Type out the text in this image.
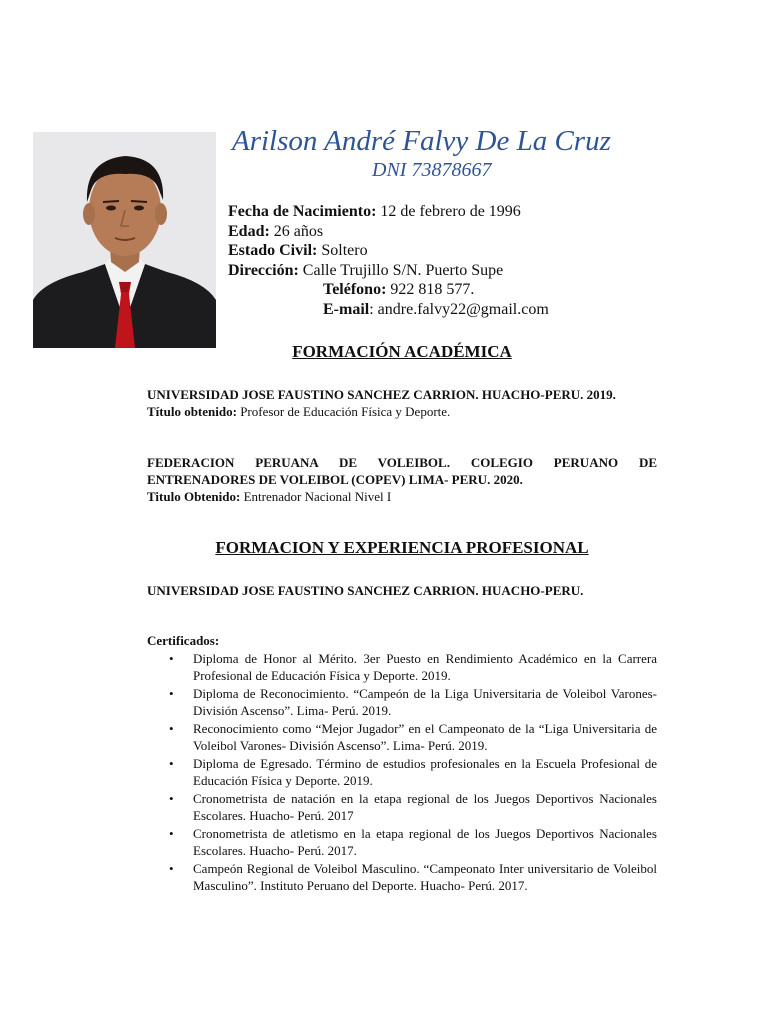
Arilson André Falvy De La Cruz
DNI 73878667
Fecha de Nacimiento: 12 de febrero de 1996
Edad: 26 años
Estado Civil: Soltero
Dirección: Calle Trujillo S/N. Puerto Supe
Teléfono: 922 818 577.
E-mail: andre.falvy22@gmail.com
FORMACIÓN ACADÉMICA
UNIVERSIDAD JOSE FAUSTINO SANCHEZ CARRION. HUACHO-PERU. 2019.
Título obtenido: Profesor de Educación Física y Deporte.
FEDERACION PERUANA DE VOLEIBOL. COLEGIO PERUANO DE ENTRENADORES DE VOLEIBOL (COPEV) LIMA- PERU. 2020.
Titulo Obtenido: Entrenador Nacional Nivel I
FORMACION Y EXPERIENCIA PROFESIONAL
UNIVERSIDAD JOSE FAUSTINO SANCHEZ CARRION. HUACHO-PERU.
Certificados:
• Diploma de Honor al Mérito. 3er Puesto en Rendimiento Académico en la Carrera Profesional de Educación Física y Deporte. 2019.
• Diploma de Reconocimiento. “Campeón de la Liga Universitaria de Voleibol Varones- División Ascenso”. Lima- Perú. 2019.
• Reconocimiento como “Mejor Jugador” en el Campeonato de la “Liga Universitaria de Voleibol Varones- División Ascenso”. Lima- Perú. 2019.
• Diploma de Egresado. Término de estudios profesionales en la Escuela Profesional de Educación Física y Deporte. 2019.
• Cronometrista de natación en la etapa regional de los Juegos Deportivos Nacionales Escolares. Huacho- Perú. 2017
• Cronometrista de atletismo en la etapa regional de los Juegos Deportivos Nacionales Escolares. Huacho- Perú. 2017.
• Campeón Regional de Voleibol Masculino. “Campeonato Inter universitario de Voleibol Masculino”. Instituto Peruano del Deporte. Huacho- Perú. 2017.
